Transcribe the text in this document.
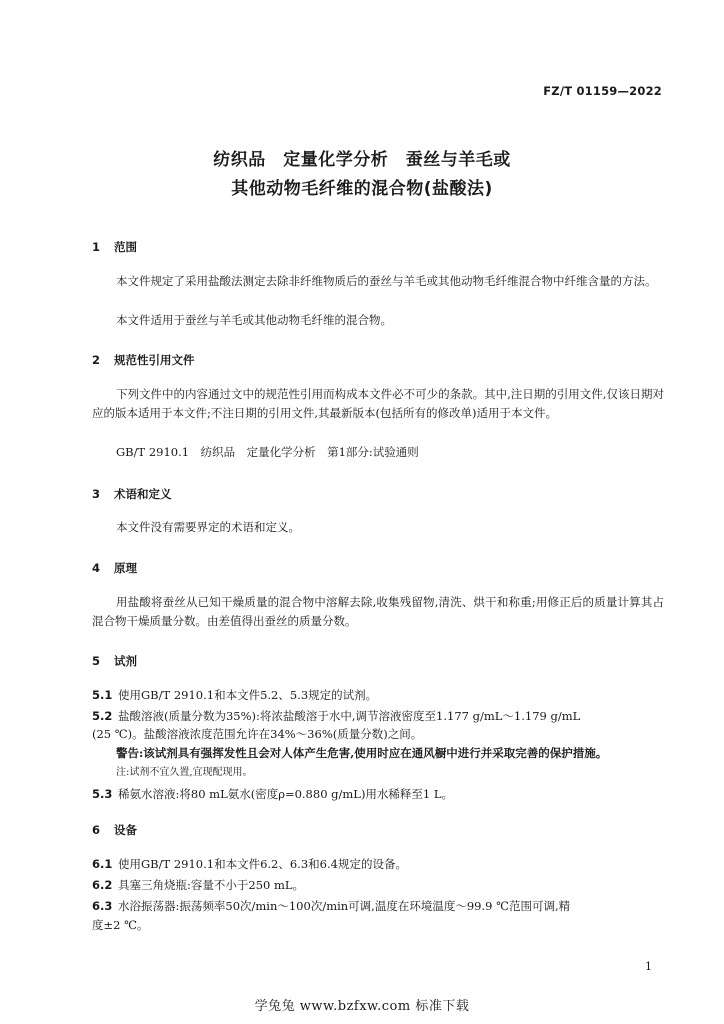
FZ/T 01159—2022
纺织品　定量化学分析　蚕丝与羊毛或
其他动物毛纤维的混合物(盐酸法)
1 范围
本文件规定了采用盐酸法测定去除非纤维物质后的蚕丝与羊毛或其他动物毛纤维混合物中纤维含量的方法。
本文件适用于蚕丝与羊毛或其他动物毛纤维的混合物。
2 规范性引用文件
下列文件中的内容通过文中的规范性引用而构成本文件必不可少的条款。其中,注日期的引用文件,仅该日期对应的版本适用于本文件;不注日期的引用文件,其最新版本(包括所有的修改单)适用于本文件。
GB/T 2910.1　纺织品　定量化学分析　第1部分:试验通则
3 术语和定义
本文件没有需要界定的术语和定义。
4 原理
用盐酸将蚕丝从已知干燥质量的混合物中溶解去除,收集残留物,清洗、烘干和称重;用修正后的质量计算其占混合物干燥质量分数。由差值得出蚕丝的质量分数。
5 试剂
5.1 使用GB/T 2910.1和本文件5.2、5.3规定的试剂。
5.2 盐酸溶液(质量分数为35%):将浓盐酸溶于水中,调节溶液密度至1.177 g/mL～1.179 g/mL
(25 ℃)。盐酸溶液浓度范围允许在34%～36%(质量分数)之间。
警告:该试剂具有强挥发性且会对人体产生危害,使用时应在通风橱中进行并采取完善的保护措施。
注:试剂不宜久置,宜现配现用。
5.3 稀氨水溶液:将80 mL氨水(密度ρ=0.880 g/mL)用水稀释至1 L。
6 设备
6.1 使用GB/T 2910.1和本文件6.2、6.3和6.4规定的设备。
6.2 具塞三角烧瓶:容量不小于250 mL。
6.3 水浴振荡器:振荡频率50次/min～100次/min可调,温度在环境温度～99.9 ℃范围可调,精
度±2 ℃。
1
学兔兔 www.bzfxw.com 标准下载
